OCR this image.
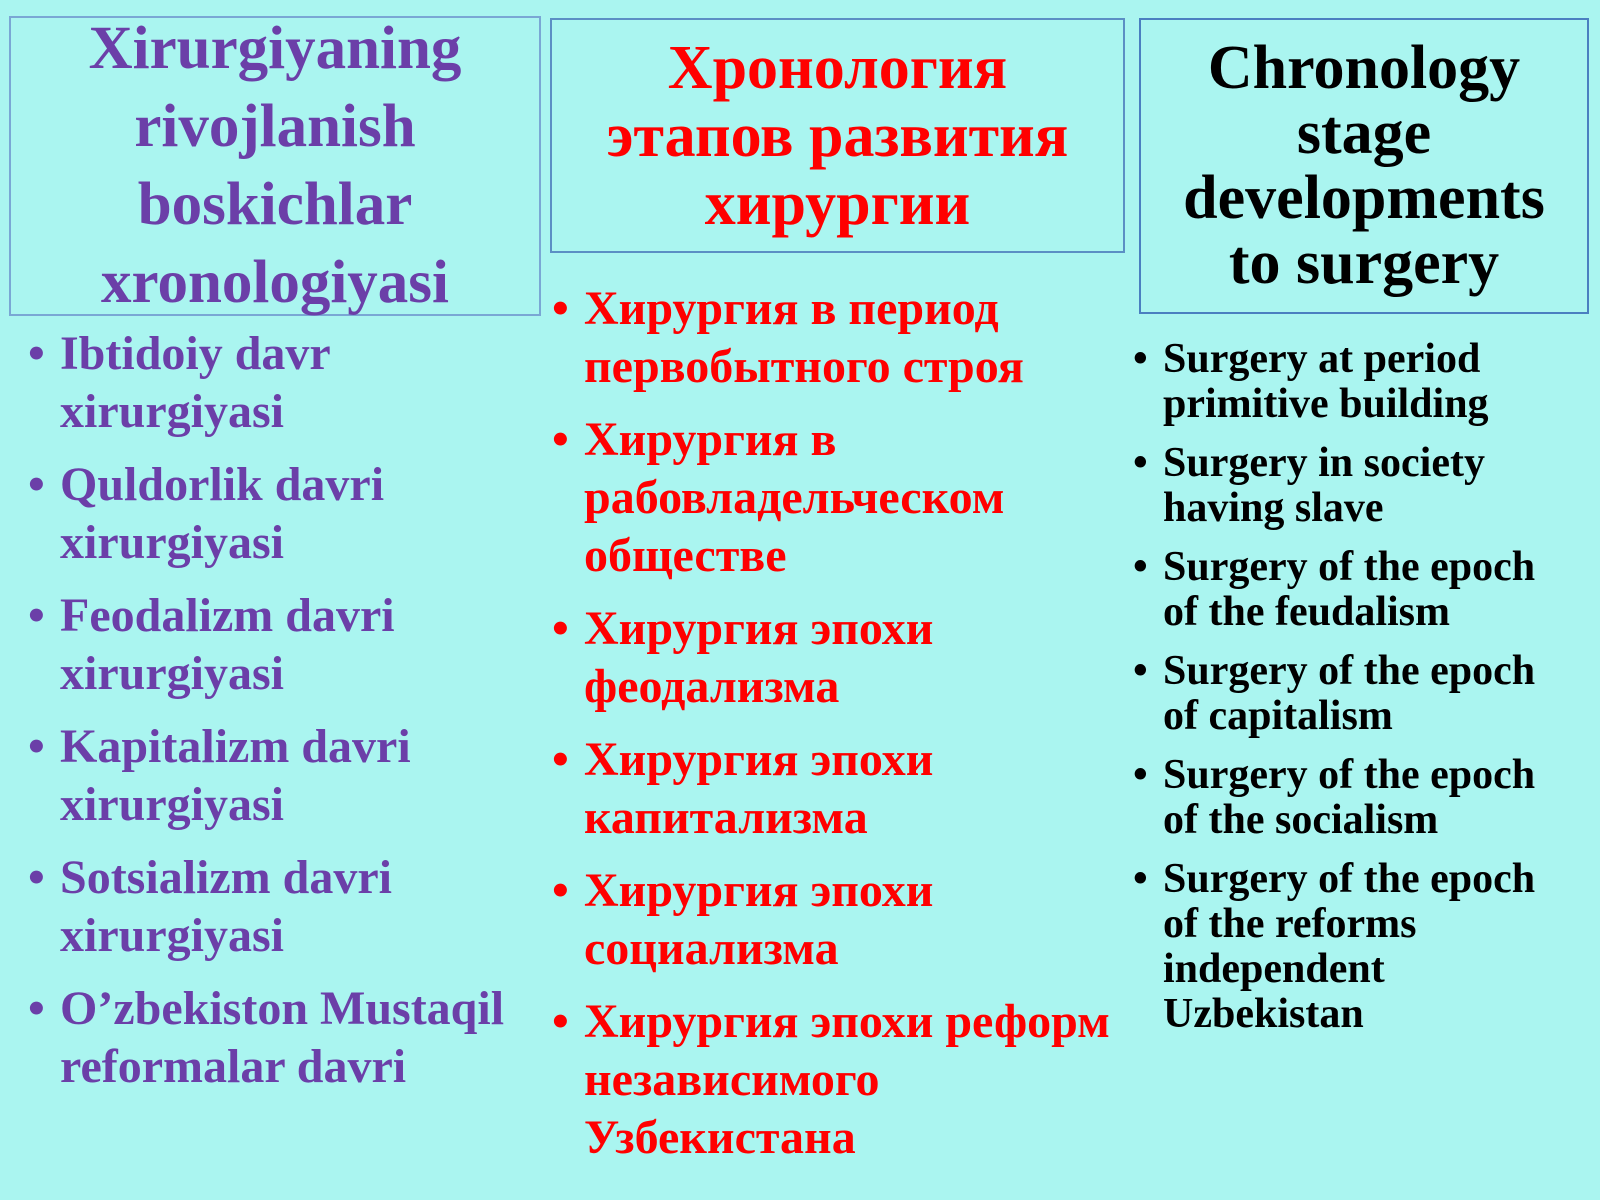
Xirurgiyaning
rivojlanish
boskichlar
xronologiyasi
Хронология
этапов развития
хирургии
Chronology
stage
developments
to surgery
• Ibtidoiy davr
xirurgiyasi
• Quldorlik davri
xirurgiyasi
• Feodalizm davri
xirurgiyasi
• Kapitalizm davri
xirurgiyasi
• Sotsializm davri
xirurgiyasi
• O’zbekiston Mustaqil
reformalar davri
• Хирургия в период
первобытного строя
• Хирургия в
рабовладельческом
обществе
• Хирургия эпохи
феодализма
• Хирургия эпохи
капитализма
• Хирургия эпохи
социализма
• Хирургия эпохи реформ
независимого
Узбекистана
• Surgery at period
primitive building
• Surgery in society
having slave
• Surgery of the epoch
of the feudalism
• Surgery of the epoch
of capitalism
• Surgery of the epoch
of the socialism
• Surgery of the epoch
of the reforms
independent
Uzbekistan
